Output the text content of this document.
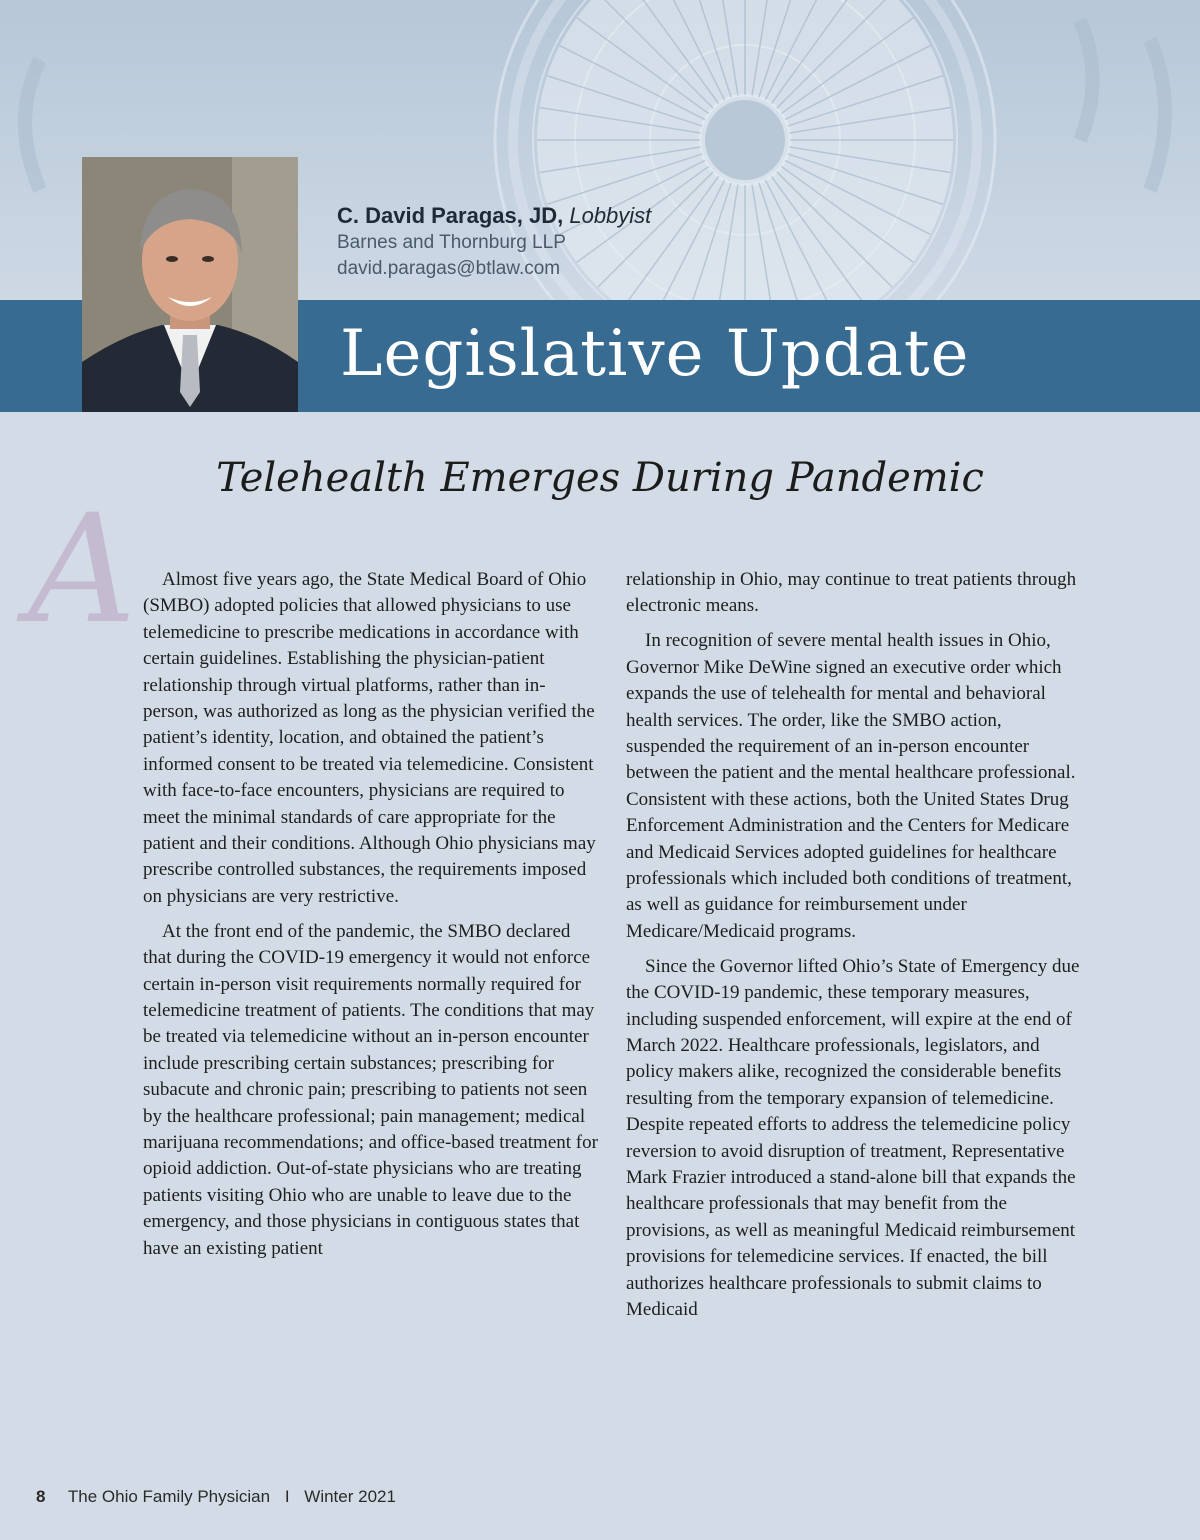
Legislative Update
C. David Paragas, JD, Lobbyist
Barnes and Thornburg LLP
david.paragas@btlaw.com
Telehealth Emerges During Pandemic
A	Almost five years ago, the State Medical Board of Ohio (SMBO) adopted policies that allowed physicians to use telemedicine to prescribe medications in accordance with certain guidelines. Establishing the physician-patient relationship through virtual platforms, rather than in-person, was authorized as long as the physician verified the patient’s identity, location, and obtained the patient’s informed consent to be treated via telemedicine. Consistent with face-to-face encounters, physicians are required to meet the minimal standards of care appropriate for the patient and their conditions. Although Ohio physicians may prescribe controlled substances, the requirements imposed on physicians are very restrictive.

At the front end of the pandemic, the SMBO declared that during the COVID-19 emergency it would not enforce certain in-person visit requirements normally required for telemedicine treatment of patients. The conditions that may be treated via telemedicine without an in-person encounter include prescribing certain substances; prescribing for subacute and chronic pain; prescribing to patients not seen by the healthcare professional; pain management; medical marijuana recommendations; and office-based treatment for opioid addiction. Out-of-state physicians who are treating patients visiting Ohio who are unable to leave due to the emergency, and those physicians in contiguous states that have an existing patient

relationship in Ohio, may continue to treat patients through electronic means.

In recognition of severe mental health issues in Ohio, Governor Mike DeWine signed an executive order which expands the use of telehealth for mental and behavioral health services. The order, like the SMBO action, suspended the requirement of an in-person encounter between the patient and the mental healthcare professional. Consistent with these actions, both the United States Drug Enforcement Administration and the Centers for Medicare and Medicaid Services adopted guidelines for healthcare professionals which included both conditions of treatment, as well as guidance for reimbursement under Medicare/Medicaid programs.

Since the Governor lifted Ohio’s State of Emergency due the COVID-19 pandemic, these temporary measures, including suspended enforcement, will expire at the end of March 2022. Healthcare professionals, legislators, and policy makers alike, recognized the considerable benefits resulting from the temporary expansion of telemedicine. Despite repeated efforts to address the telemedicine policy reversion to avoid disruption of treatment, Representative Mark Frazier introduced a stand-alone bill that expands the healthcare professionals that may benefit from the provisions, as well as meaningful Medicaid reimbursement provisions for telemedicine services. If enacted, the bill authorizes healthcare professionals to submit claims to Medicaid

8 The Ohio Family Physician I Winter 2021
